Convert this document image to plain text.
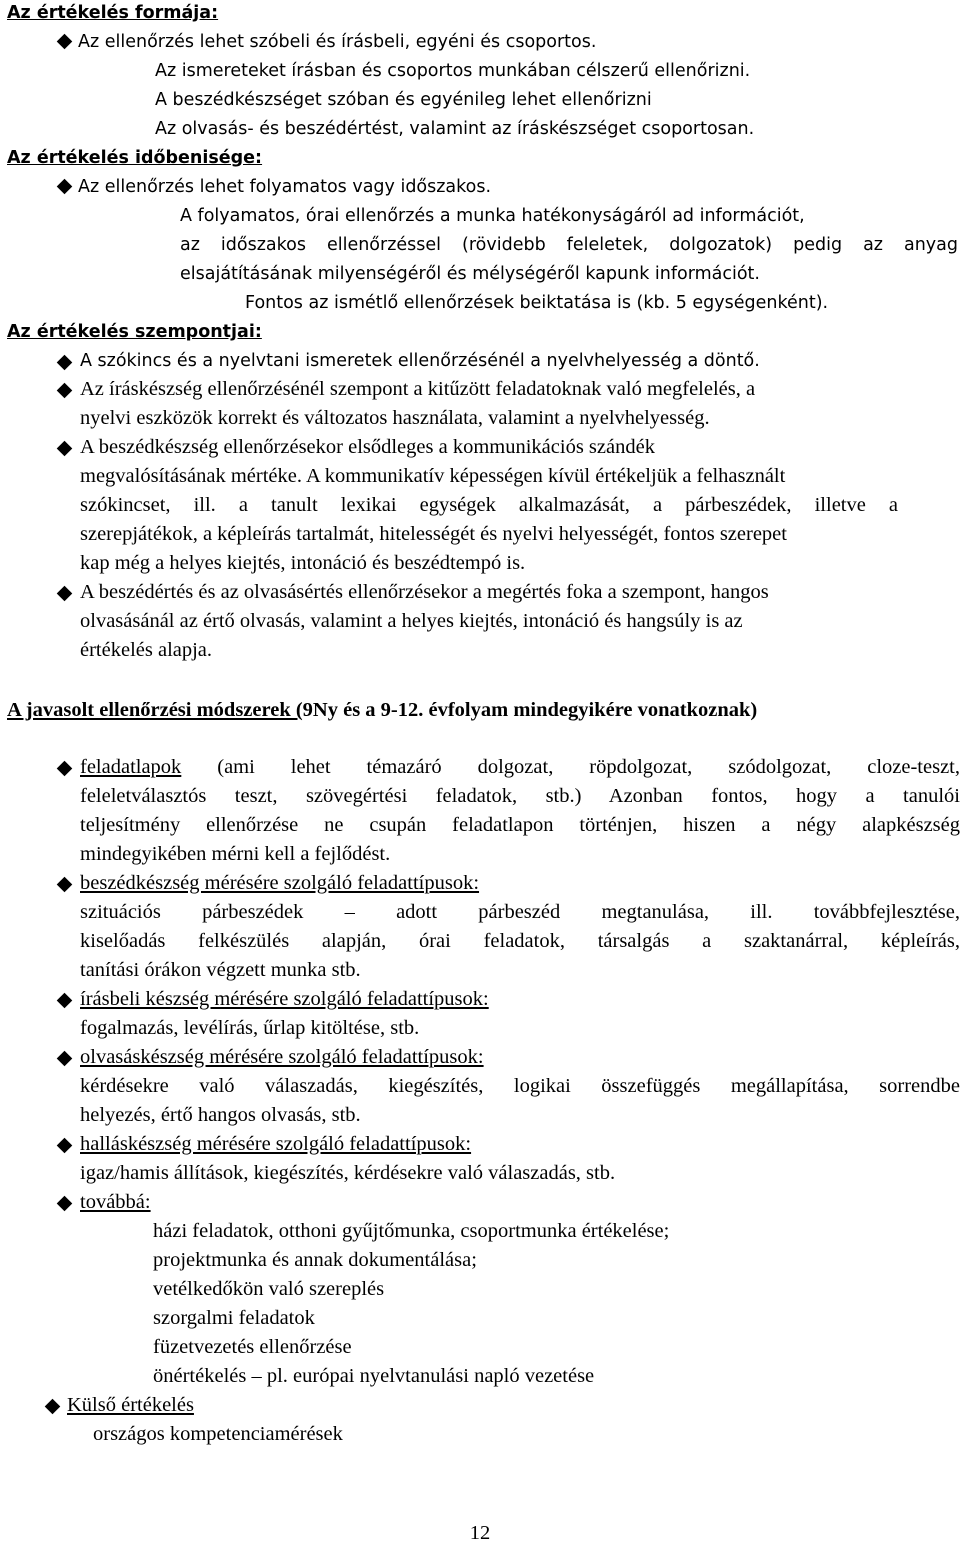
Az értékelés formája:
Az ellenőrzés lehet szóbeli és írásbeli, egyéni és csoportos.
Az ismereteket írásban és csoportos munkában célszerű ellenőrizni.
A beszédkészséget szóban és egyénileg lehet ellenőrizni
Az olvasás- és beszédértést, valamint az íráskészséget csoportosan.
Az értékelés időbenisége:
Az ellenőrzés lehet folyamatos vagy időszakos.
A folyamatos, órai ellenőrzés a munka hatékonyságáról ad információt,
az időszakos ellenőrzéssel (rövidebb feleletek, dolgozatok) pedig az anyag
elsajátításának milyenségéről és mélységéről kapunk információt.
Fontos az ismétlő ellenőrzések beiktatása is (kb. 5 egységenként).
Az értékelés szempontjai:
A szókincs és a nyelvtani ismeretek ellenőrzésénél a nyelvhelyesség a döntő.
Az íráskészség ellenőrzésénél szempont a kitűzött feladatoknak való megfelelés, a
nyelvi eszközök korrekt és változatos használata, valamint a nyelvhelyesség.
A beszédkészség ellenőrzésekor elsődleges a kommunikációs szándék
megvalósításának mértéke. A kommunikatív képességen kívül értékeljük a felhasznált
szókincset, ill. a tanult lexikai egységek alkalmazását, a párbeszédek, illetve a
szerepjátékok, a képleírás tartalmát, hitelességét és nyelvi helyességét, fontos szerepet
kap még a helyes kiejtés, intonáció és beszédtempó is.
A beszédértés és az olvasásértés ellenőrzésekor a megértés foka a szempont, hangos
olvasásánál az értő olvasás, valamint a helyes kiejtés, intonáció és hangsúly is az
értékelés alapja.
A javasolt ellenőrzési módszerek (9Ny és a 9-12. évfolyam mindegyikére vonatkoznak)
feladatlapok (ami lehet témazáró dolgozat, röpdolgozat, szódolgozat, cloze-teszt,
feleletválasztós teszt, szövegértési feladatok, stb.) Azonban fontos, hogy a tanulói
teljesítmény ellenőrzése ne csupán feladatlapon történjen, hiszen a négy alapkészség
mindegyikében mérni kell a fejlődést.
beszédkészség mérésére szolgáló feladattípusok:
szituációs párbeszédek – adott párbeszéd megtanulása, ill. továbbfejlesztése,
kiselőadás felkészülés alapján, órai feladatok, társalgás a szaktanárral, képleírás,
tanítási órákon végzett munka stb.
írásbeli készség mérésére szolgáló feladattípusok:
fogalmazás, levélírás, űrlap kitöltése, stb.
olvasáskészség mérésére szolgáló feladattípusok:
kérdésekre való válaszadás, kiegészítés, logikai összefüggés megállapítása, sorrendbe
helyezés, értő hangos olvasás, stb.
halláskészség mérésére szolgáló feladattípusok:
igaz/hamis állítások, kiegészítés, kérdésekre való válaszadás, stb.
továbbá:
házi feladatok, otthoni gyűjtőmunka, csoportmunka értékelése;
projektmunka és annak dokumentálása;
vetélkedőkön való szereplés
szorgalmi feladatok
füzetvezetés ellenőrzése
önértékelés – pl. európai nyelvtanulási napló vezetése
Külső értékelés
országos kompetenciamérések
12
